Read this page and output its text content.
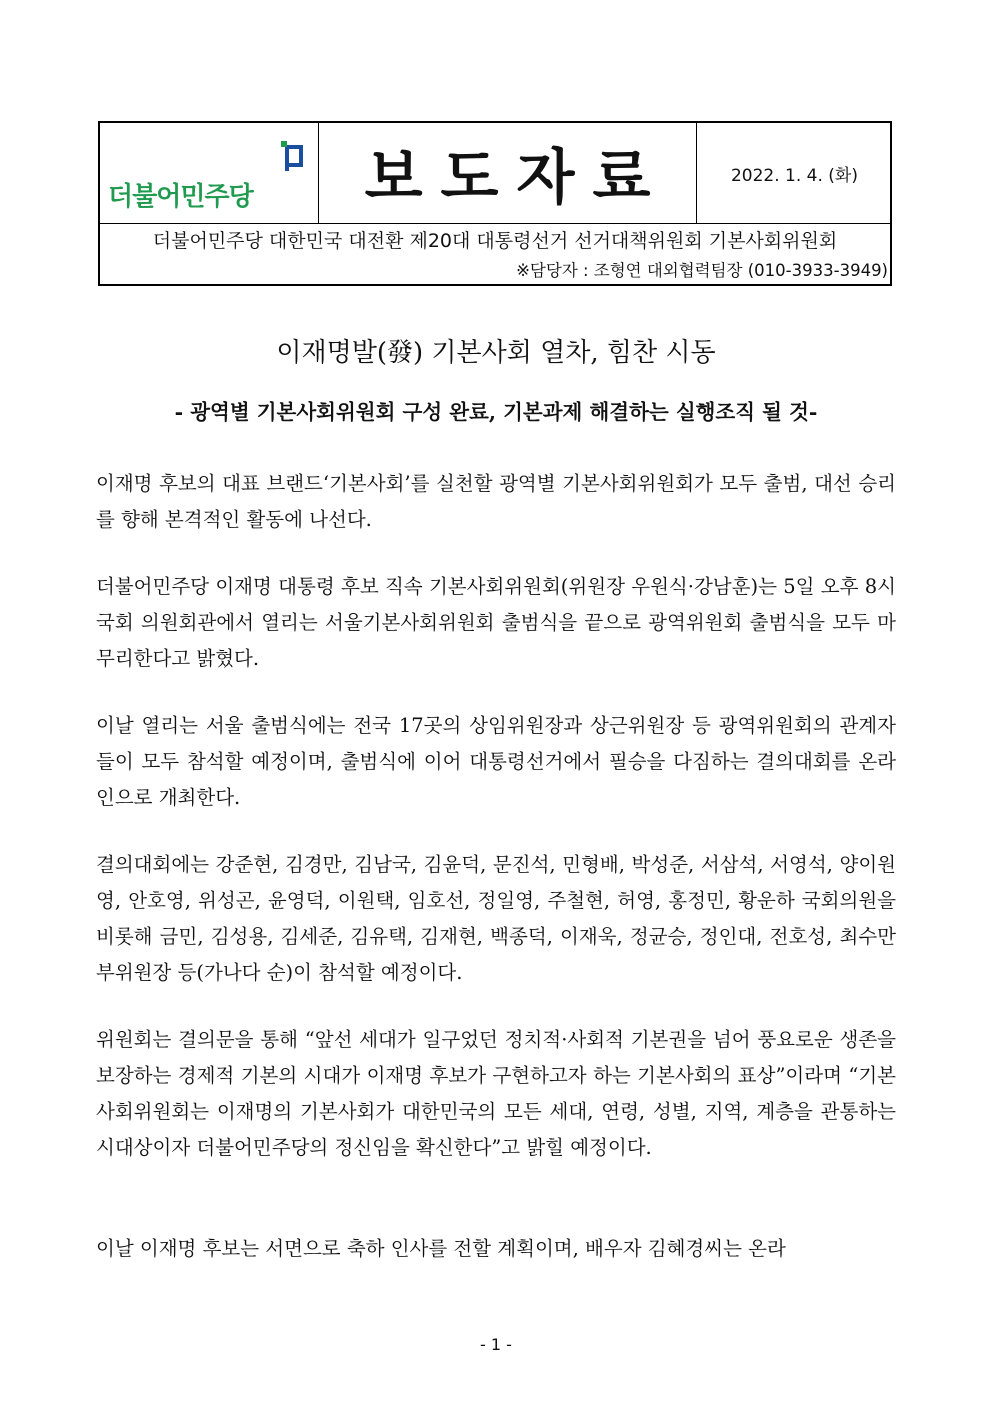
더불어민주당 보도자료	2022. 1. 4. (화)
더불어민주당 대한민국 대전환 제20대 대통령선거 선거대책위원회 기본사회위원회
※담당자 : 조형연 대외협력팀장 (010-3933-3949)
이재명발(發) 기본사회 열차, 힘찬 시동
- 광역별 기본사회위원회 구성 완료, 기본과제 해결하는 실행조직 될 것-

이재명 후보의 대표 브랜드‘기본사회’를 실천할 광역별 기본사회위원회가 모두 출범, 대선 승리를 향해 본격적인 활동에 나선다.

더불어민주당 이재명 대통령 후보 직속 기본사회위원회(위원장 우원식·강남훈)는 5일 오후 8시 국회 의원회관에서 열리는 서울기본사회위원회 출범식을 끝으로 광역위원회 출범식을 모두 마무리한다고 밝혔다.

이날 열리는 서울 출범식에는 전국 17곳의 상임위원장과 상근위원장 등 광역위원회의 관계자들이 모두 참석할 예정이며, 출범식에 이어 대통령선거에서 필승을 다짐하는 결의대회를 온라인으로 개최한다.

결의대회에는 강준현, 김경만, 김남국, 김윤덕, 문진석, 민형배, 박성준, 서삼석, 서영석, 양이원영, 안호영, 위성곤, 윤영덕, 이원택, 임호선, 정일영, 주철현, 허영, 홍정민, 황운하 국회의원을 비롯해 금민, 김성용, 김세준, 김유택, 김재현, 백종덕, 이재욱, 정균승, 정인대, 전호성, 최수만 부위원장 등(가나다 순)이 참석할 예정이다.

위원회는 결의문을 통해 “앞선 세대가 일구었던 정치적·사회적 기본권을 넘어 풍요로운 생존을 보장하는 경제적 기본의 시대가 이재명 후보가 구현하고자 하는 기본사회의 표상”이라며 “기본사회위원회는 이재명의 기본사회가 대한민국의 모든 세대, 연령, 성별, 지역, 계층을 관통하는 시대상이자 더불어민주당의 정신임을 확신한다”고 밝힐 예정이다.

이날 이재명 후보는 서면으로 축하 인사를 전할 계획이며, 배우자 김혜경씨는 온라

- 1 -
